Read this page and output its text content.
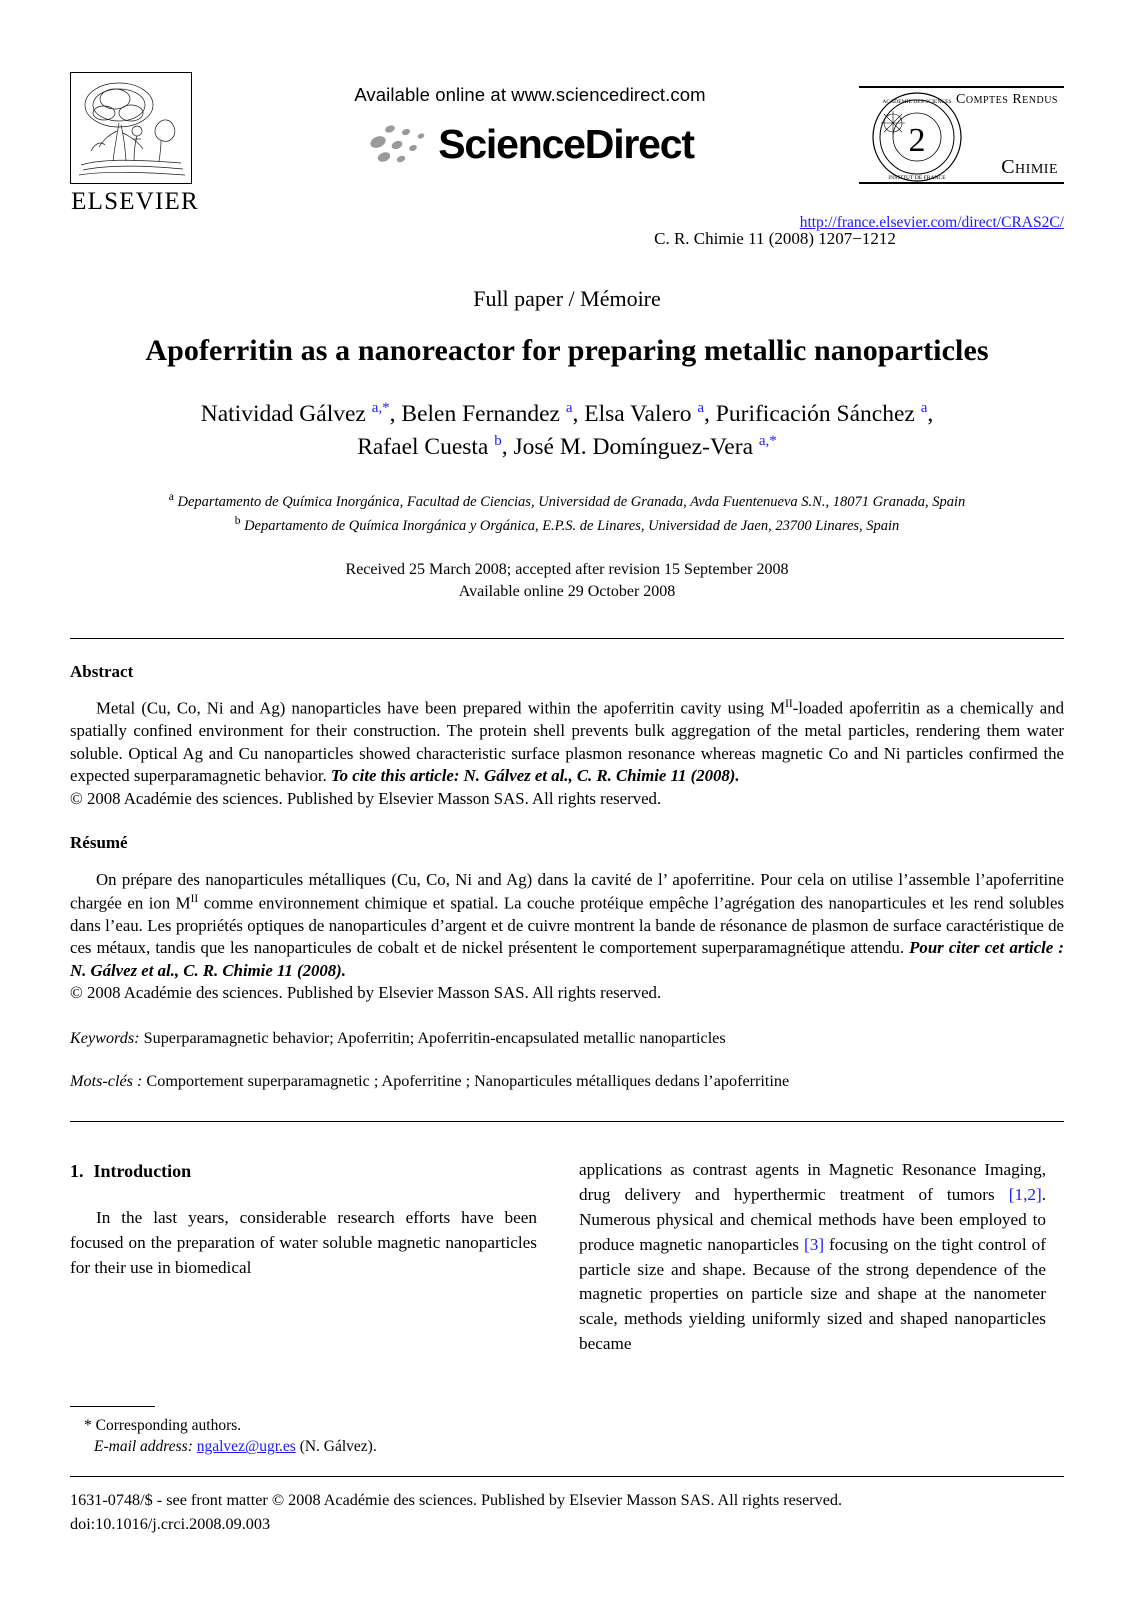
ELSEVIER
Available online at www.sciencedirect.com
ScienceDirect
C. R. Chimie 11 (2008) 1207−1212
Comptes Rendus
2
ACADEMIE DES SCIENCES
INSTITUT DE FRANCE	Chimie
http://france.elsevier.com/direct/CRAS2C/
Full paper / Mémoire
Apoferritin as a nanoreactor for preparing metallic nanoparticles
Natividad Gálvez $^{a,*}$, Belen Fernandez $^a$, Elsa Valero $^a$, Purificación Sánchez $^a$,
Rafael Cuesta $^b$, José M. Domínguez-Vera $^{a,*}$
$^a$ Departamento de Química Inorgánica, Facultad de Ciencias, Universidad de Granada, Avda Fuentenueva S.N., 18071 Granada, Spain
$^b$ Departamento de Química Inorgánica y Orgánica, E.P.S. de Linares, Universidad de Jaen, 23700 Linares, Spain
Received 25 March 2008; accepted after revision 15 September 2008
Available online 29 October 2008
Abstract

Metal (Cu, Co, Ni and Ag) nanoparticles have been prepared within the apoferritin cavity using $M^{II}$-loaded apoferritin as a chemically and spatially confined environment for their construction. The protein shell prevents bulk aggregation of the metal particles, rendering them water soluble. Optical Ag and Cu nanoparticles showed characteristic surface plasmon resonance whereas magnetic Co and Ni particles confirmed the expected superparamagnetic behavior. To cite this article: N. Gálvez et al., C. R. Chimie 11 (2008).

© 2008 Académie des sciences. Published by Elsevier Masson SAS. All rights reserved.

Résumé

On prépare des nanoparticules métalliques (Cu, Co, Ni and Ag) dans la cavité de l’ apoferritine. Pour cela on utilise l’assemble l’apoferritine chargée en ion $M^{II}$ comme environnement chimique et spatial. La couche protéique empêche l’agrégation des nanoparticules et les rend solubles dans l’eau. Les propriétés optiques de nanoparticules d’argent et de cuivre montrent la bande de résonance de plasmon de surface caractéristique de ces métaux, tandis que les nanoparticules de cobalt et de nickel présentent le comportement superparamagnétique attendu. Pour citer cet article : N. Gálvez et al., C. R. Chimie 11 (2008).

© 2008 Académie des sciences. Published by Elsevier Masson SAS. All rights reserved.

Keywords: Superparamagnetic behavior; Apoferritin; Apoferritin-encapsulated metallic nanoparticles
Mots-clés : Comportement superparamagnetic ; Apoferritine ; Nanoparticules métalliques dedans l’apoferritine
1. Introduction

In the last years, considerable research efforts have been focused on the preparation of water soluble magnetic nanoparticles for their use in biomedical

applications as contrast agents in Magnetic Resonance Imaging, drug delivery and hyperthermic treatment of tumors [1,2]. Numerous physical and chemical methods have been employed to produce magnetic nanoparticles [3] focusing on the tight control of particle size and shape. Because of the strong dependence of the magnetic properties on particle size and shape at the nanometer scale, methods yielding uniformly sized and shaped nanoparticles became

* Corresponding authors.
E-mail address: ngalvez@ugr.es (N. Gálvez).
1631-0748/$ - see front matter © 2008 Académie des sciences. Published by Elsevier Masson SAS. All rights reserved.
doi:10.1016/j.crci.2008.09.003
